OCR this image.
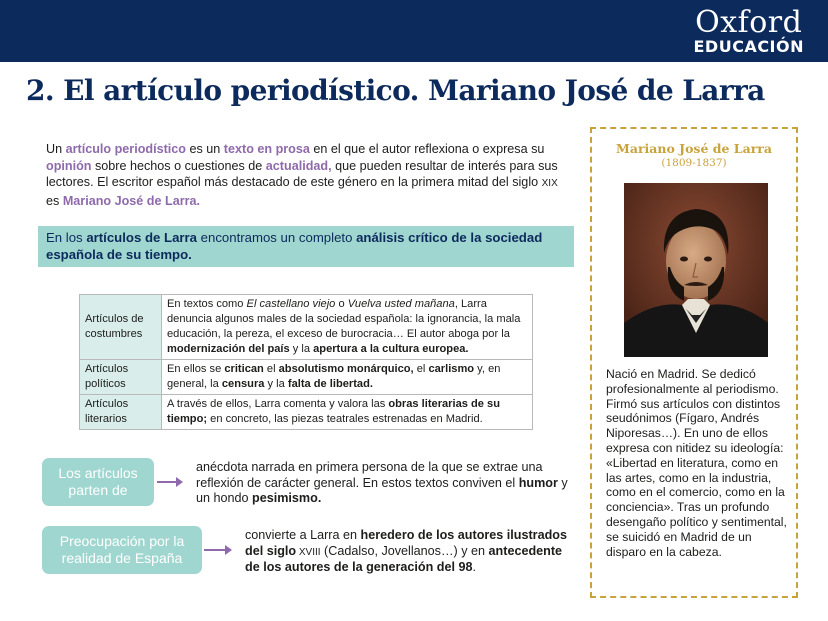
Oxford
EDUCACIÓN
2. El artículo periodístico. Mariano José de Larra

Un artículo periodístico es un texto en prosa en el que el autor reflexiona o expresa su opinión sobre hechos o cuestiones de actualidad, que pueden resultar de interés para sus lectores. El escritor español más destacado de este género en la primera mitad del siglo XIX es Mariano José de Larra.

En los artículos de Larra encontramos un completo análisis crítico de la sociedad española de su tiempo.
Artículos de costumbres	En textos como El castellano viejo o Vuelva usted mañana, Larra denuncia algunos males de la sociedad española: la ignorancia, la mala educación, la pereza, el exceso de burocracia… El autor aboga por la modernización del país y la apertura a la cultura europea.
Artículos políticos	En ellos se critican el absolutismo monárquico, el carlismo y, en general, la censura y la falta de libertad.
Artículos literarios	A través de ellos, Larra comenta y valora las obras literarias de su tiempo; en concreto, las piezas teatrales estrenadas en Madrid.
Los artículos parten de

anécdota narrada en primera persona de la que se extrae una reflexión de carácter general. En estos textos conviven el humor y un hondo pesimismo.

Preocupación por la realidad de España

convierte a Larra en heredero de los autores ilustrados del siglo XVIII (Cadalso, Jovellanos…) y en antecedente de los autores de la generación del 98.

Mariano José de Larra
(1809-1837)

Nació en Madrid. Se dedicó profesionalmente al periodismo. Firmó sus artículos con distintos seudónimos (Fígaro, Andrés Niporesas…). En uno de ellos expresa con nitidez su ideología: «Libertad en literatura, como en las artes, como en la industria, como en el comercio, como en la conciencia». Tras un profundo desengaño político y sentimental, se suicidó en Madrid de un disparo en la cabeza.
